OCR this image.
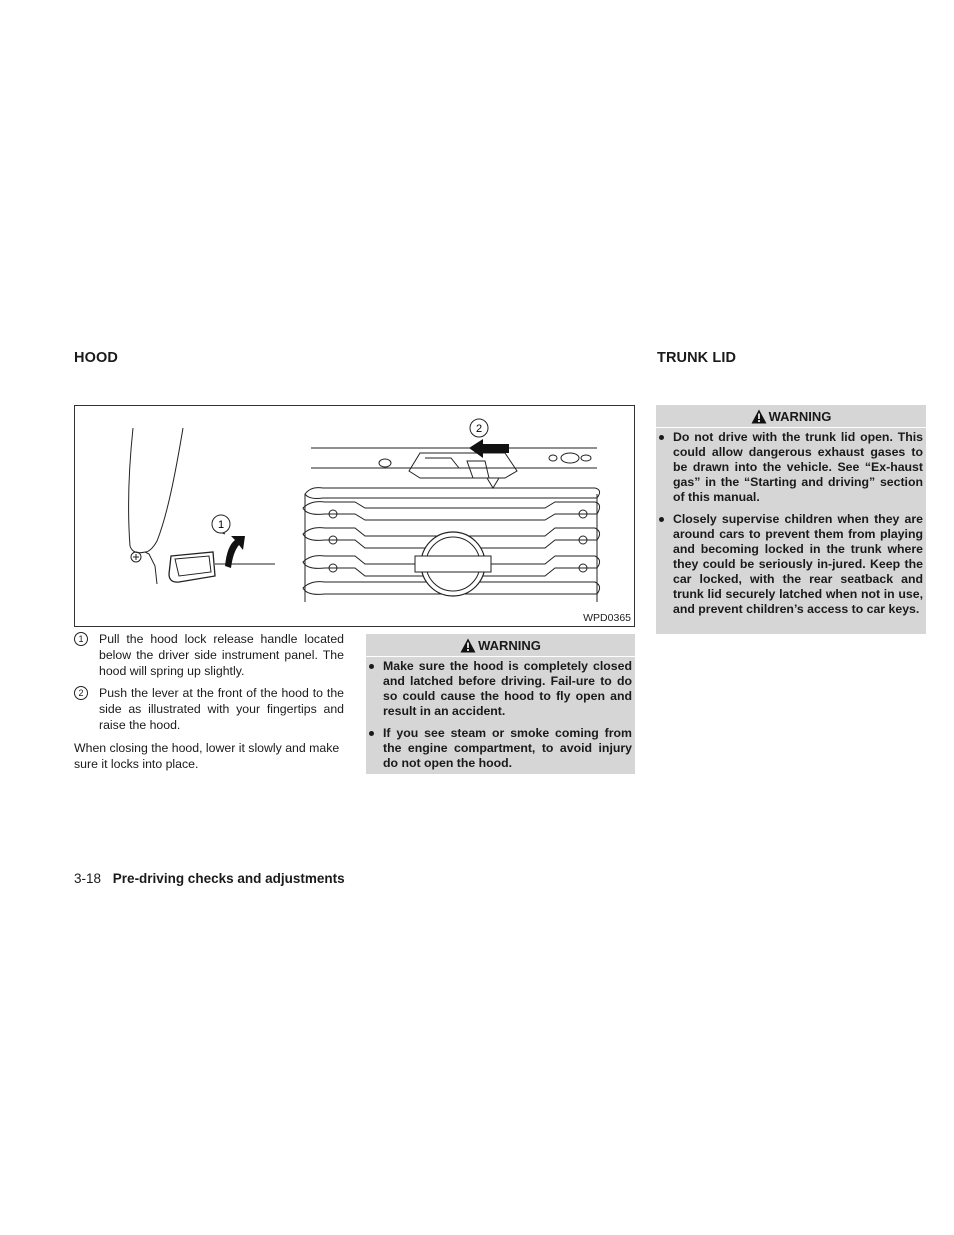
HOOD	TRUNK LID
1
2
WPD0365
1	Pull the hood lock release handle located below the driver side instrument panel. The hood will spring up slightly.
2	Push the lever at the front of the hood to the side as illustrated with your fingertips and raise the hood.
When closing the hood, lower it slowly and make sure it locks into place.
WARNING
Make sure the hood is completely closed and latched before driving. Fail-ure to do so could cause the hood to fly open and result in an accident.
If you see steam or smoke coming from the engine compartment, to avoid injury do not open the hood.
WARNING
Do not drive with the trunk lid open. This could allow dangerous exhaust gases to be drawn into the vehicle. See “Ex-haust gas” in the “Starting and driving” section of this manual.
Closely supervise children when they are around cars to prevent them from playing and becoming locked in the trunk where they could be seriously in-jured. Keep the car locked, with the rear seatback and trunk lid securely latched when not in use, and prevent children’s access to car keys.
3-18 Pre-driving checks and adjustments
